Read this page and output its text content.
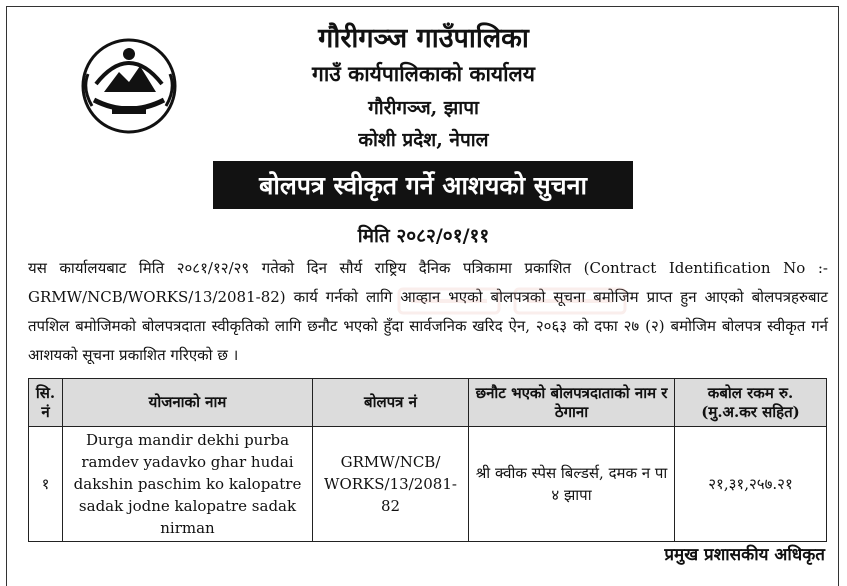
गौरीगञ्ज गाउँपालिका
गाउँ कार्यपालिकाको कार्यालय
गौरीगञ्ज, झापा
कोशी प्रदेश, नेपाल
बोलपत्र स्वीकृत गर्ने आशयको सुचना
मिति २०८२/०१/११

यस कार्यालयबाट मिति २०८१/१२/२९ गतेको दिन सौर्य राष्ट्रिय दैनिक पत्रिकामा प्रकाशित (Contract Identification No :-GRMW/NCB/WORKS/13/2081-82) कार्य गर्नको लागि आव्हान भएको बोलपत्रको सूचना बमोजिम प्राप्त हुन आएको बोलपत्रहरुबाट तपशिल बमोजिमको बोलपत्रदाता स्वीकृतिको लागि छनौट भएको हुँदा सार्वजनिक खरिद ऐन, २०६३ को दफा २७ (२) बमोजिम बोलपत्र स्वीकृत गर्न आशयको सूचना प्रकाशित गरिएको छ ।

सि. नं	योजनाको नाम	बोलपत्र नं	छनौट भएको बोलपत्रदाताको नाम र ठेगाना	कबोल रकम रु. (मु.अ.कर सहित)
१	Durga mandir dekhi purba ramdev yadavko ghar hudai dakshin paschim ko kalopatre sadak jodne kalopatre sadak nirman	GRMW/NCB/ WORKS/13/2081-82	श्री क्वीक स्पेस बिल्डर्स, दमक न पा ४ झापा	२१,३१,२५७.२१
प्रमुख प्रशासकीय अधिकृत
